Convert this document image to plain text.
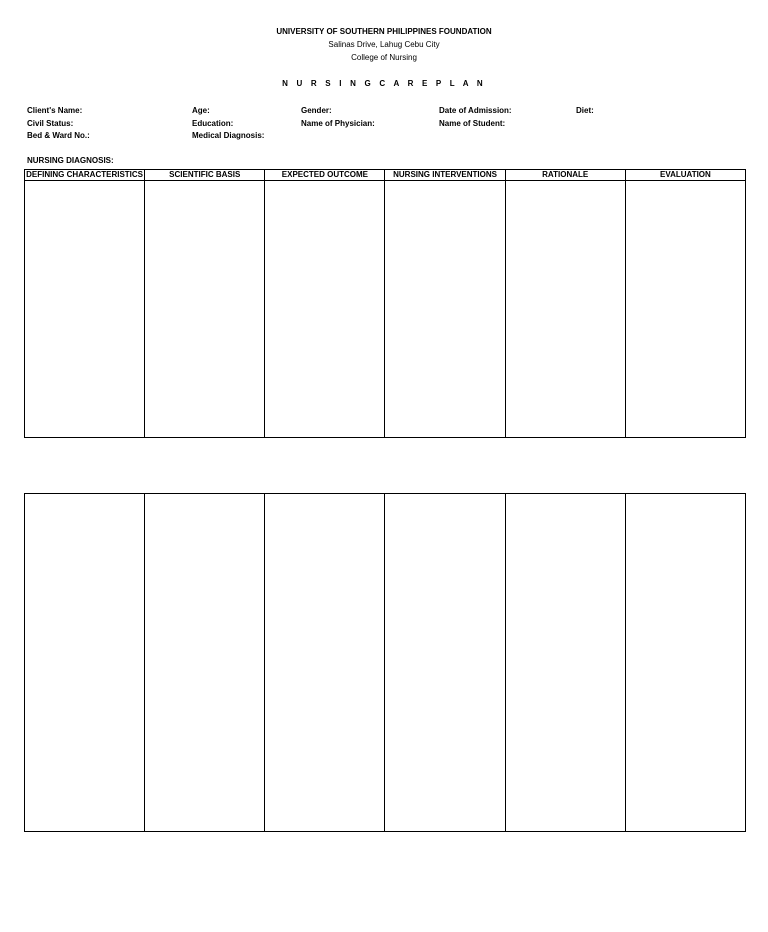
UNIVERSITY OF SOUTHERN PHILIPPINES FOUNDATION
Salinas Drive, Lahug Cebu City
College of Nursing
N U R S I N G C A R E P L A N
Client's Name:	Age:	Gender:	Date of Admission:	Diet:
Civil Status:	Education:	Name of Physician:	Name of Student:
Bed & Ward No.:	Medical Diagnosis:
NURSING DIAGNOSIS:
DEFINING CHARACTERISTICS	SCIENTIFIC BASIS	EXPECTED OUTCOME	NURSING INTERVENTIONS	RATIONALE	EVALUATION
